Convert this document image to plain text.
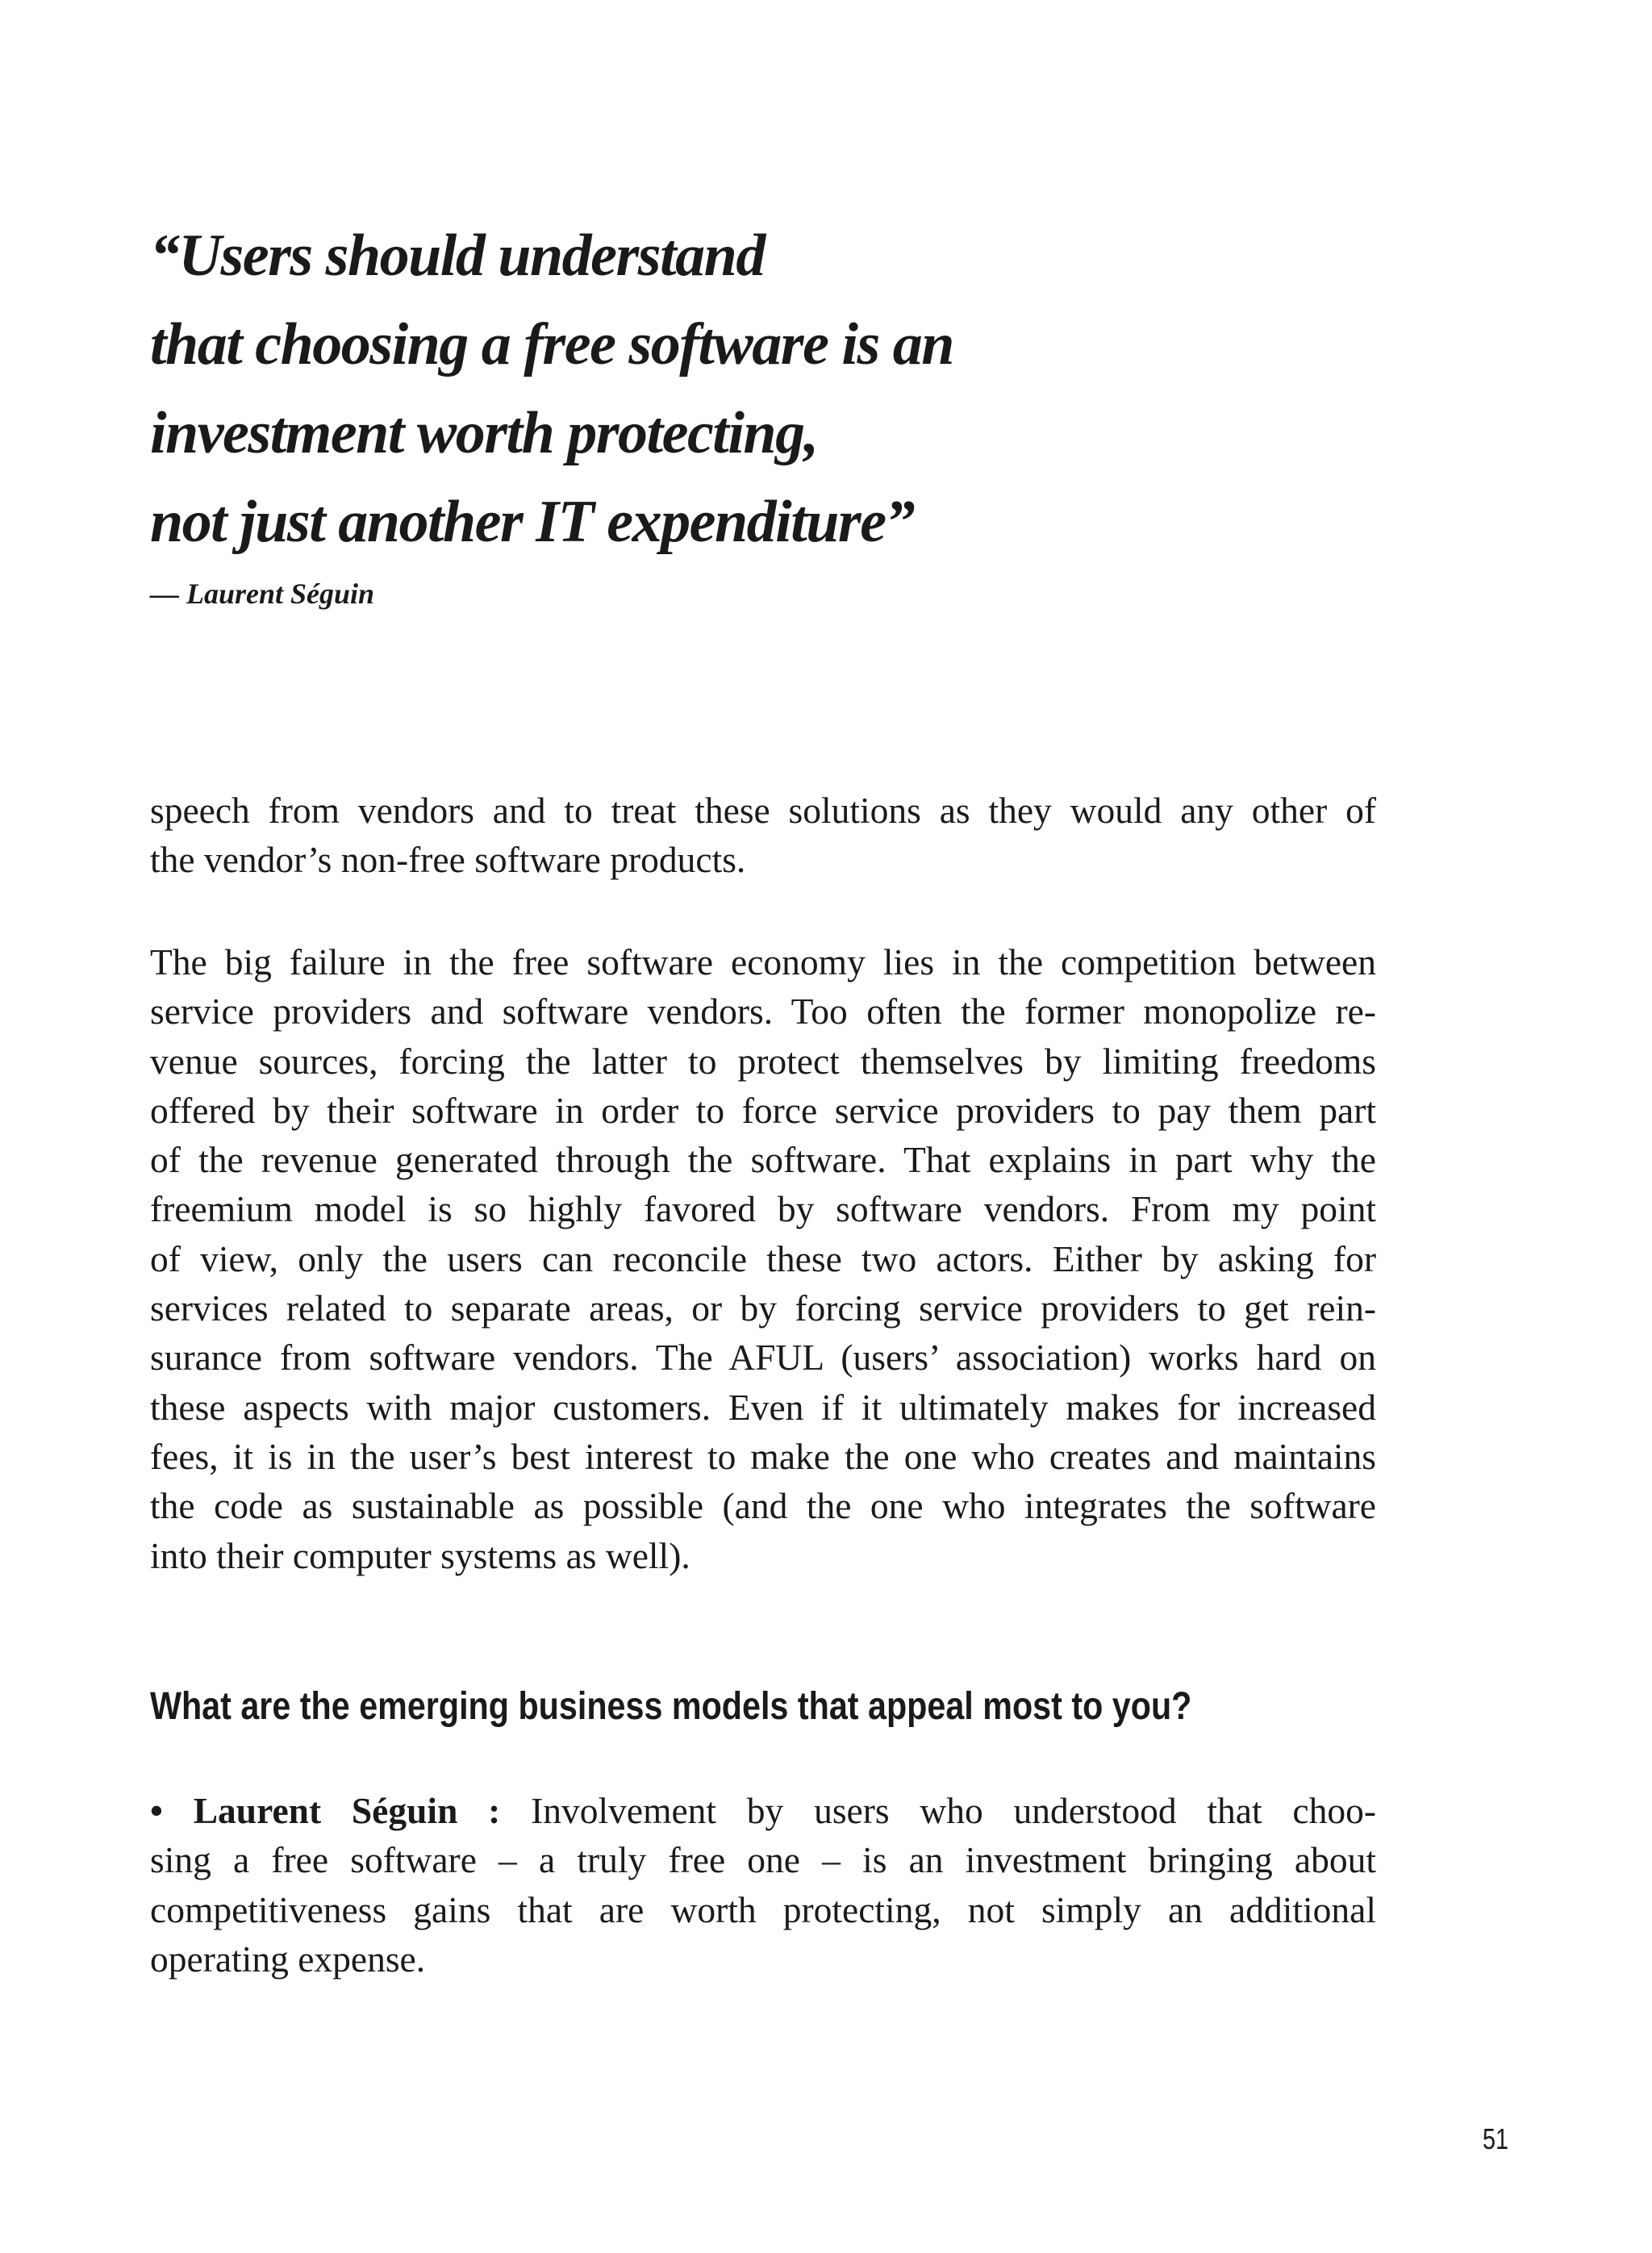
“Users should understand
that choosing a free software is an
investment worth protecting,
not just another IT expenditure”

— Laurent Séguin

speech from vendors and to treat these solutions as they would any other of
the vendor’s non-free software products.
The big failure in the free software economy lies in the competition between
service providers and software vendors. Too often the former monopolize re-
venue sources, forcing the latter to protect themselves by limiting freedoms
offered by their software in order to force service providers to pay them part
of the revenue generated through the software. That explains in part why the
freemium model is so highly favored by software vendors. From my point
of view, only the users can reconcile these two actors. Either by asking for
services related to separate areas, or by forcing service providers to get rein-
surance from software vendors. The AFUL (users’ association) works hard on
these aspects with major customers. Even if it ultimately makes for increased
fees, it is in the user’s best interest to make the one who creates and maintains
the code as sustainable as possible (and the one who integrates the software
into their computer systems as well).
What are the emerging business models that appeal most to you?
• Laurent Séguin : Involvement by users who understood that choo-
sing a free software – a truly free one – is an investment bringing about
competitiveness gains that are worth protecting, not simply an additional
operating expense.
51
